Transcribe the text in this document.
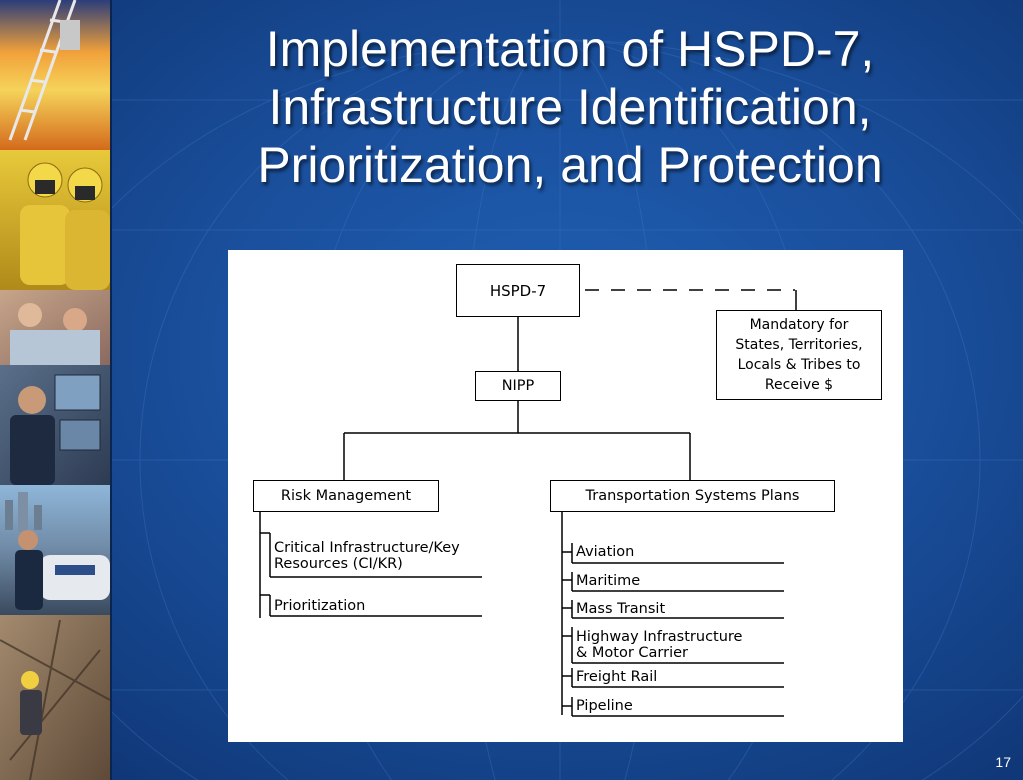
Implementation of HSPD-7,
Infrastructure Identification,
Prioritization, and Protection
HSPD-7
Mandatory for
States, Territories,
Locals & Tribes to
Receive $
NIPP
Risk Management	Transportation Systems Plans
Critical Infrastructure/Key
Resources (CI/KR)
Prioritization
Aviation
Maritime
Mass Transit
Highway Infrastructure
& Motor Carrier
Freight Rail
Pipeline
17
